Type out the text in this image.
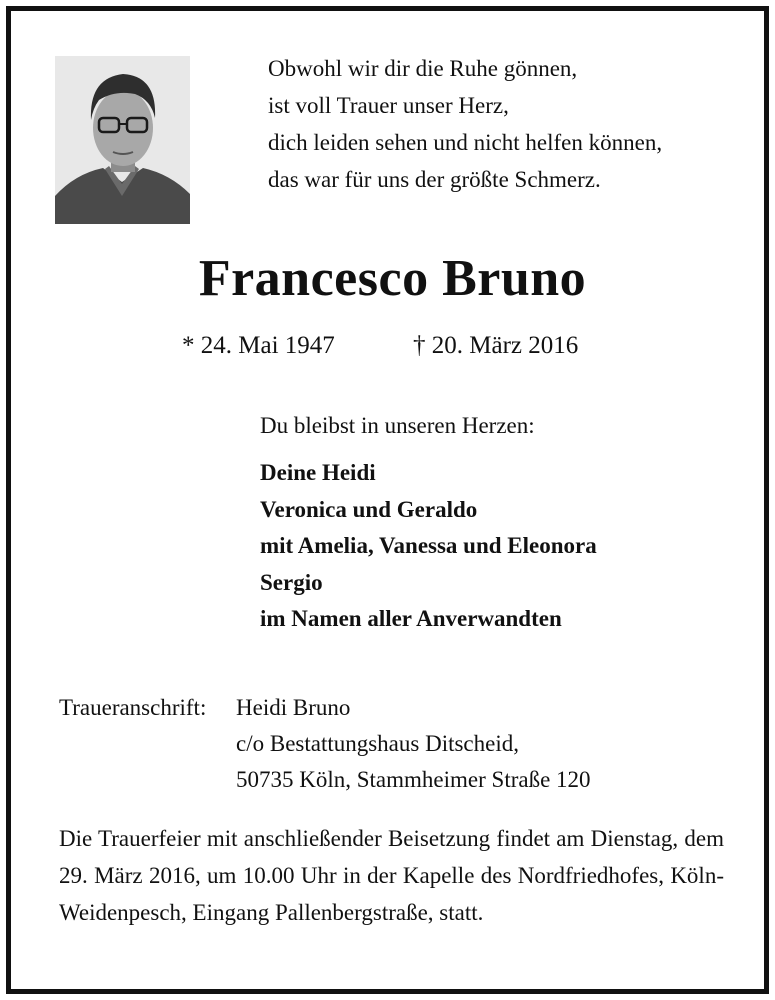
Obwohl wir dir die Ruhe gönnen,
ist voll Trauer unser Herz,
dich leiden sehen und nicht helfen können,
das war für uns der größte Schmerz.
Francesco Bruno
* 24. Mai 1947	† 20. März 2016
Du bleibst in unseren Herzen:
Deine Heidi
Veronica und Geraldo
mit Amelia, Vanessa und Eleonora
Sergio
im Namen aller Anverwandten
Traueranschrift: Heidi Bruno
c/o Bestattungshaus Ditscheid,
50735 Köln, Stammheimer Straße 120
Die Trauerfeier mit anschließender Beisetzung findet am Dienstag, dem 29. März 2016, um 10.00 Uhr in der Kapelle des Nordfriedhofes, Köln-Weidenpesch, Eingang Pallenbergstraße, statt.
